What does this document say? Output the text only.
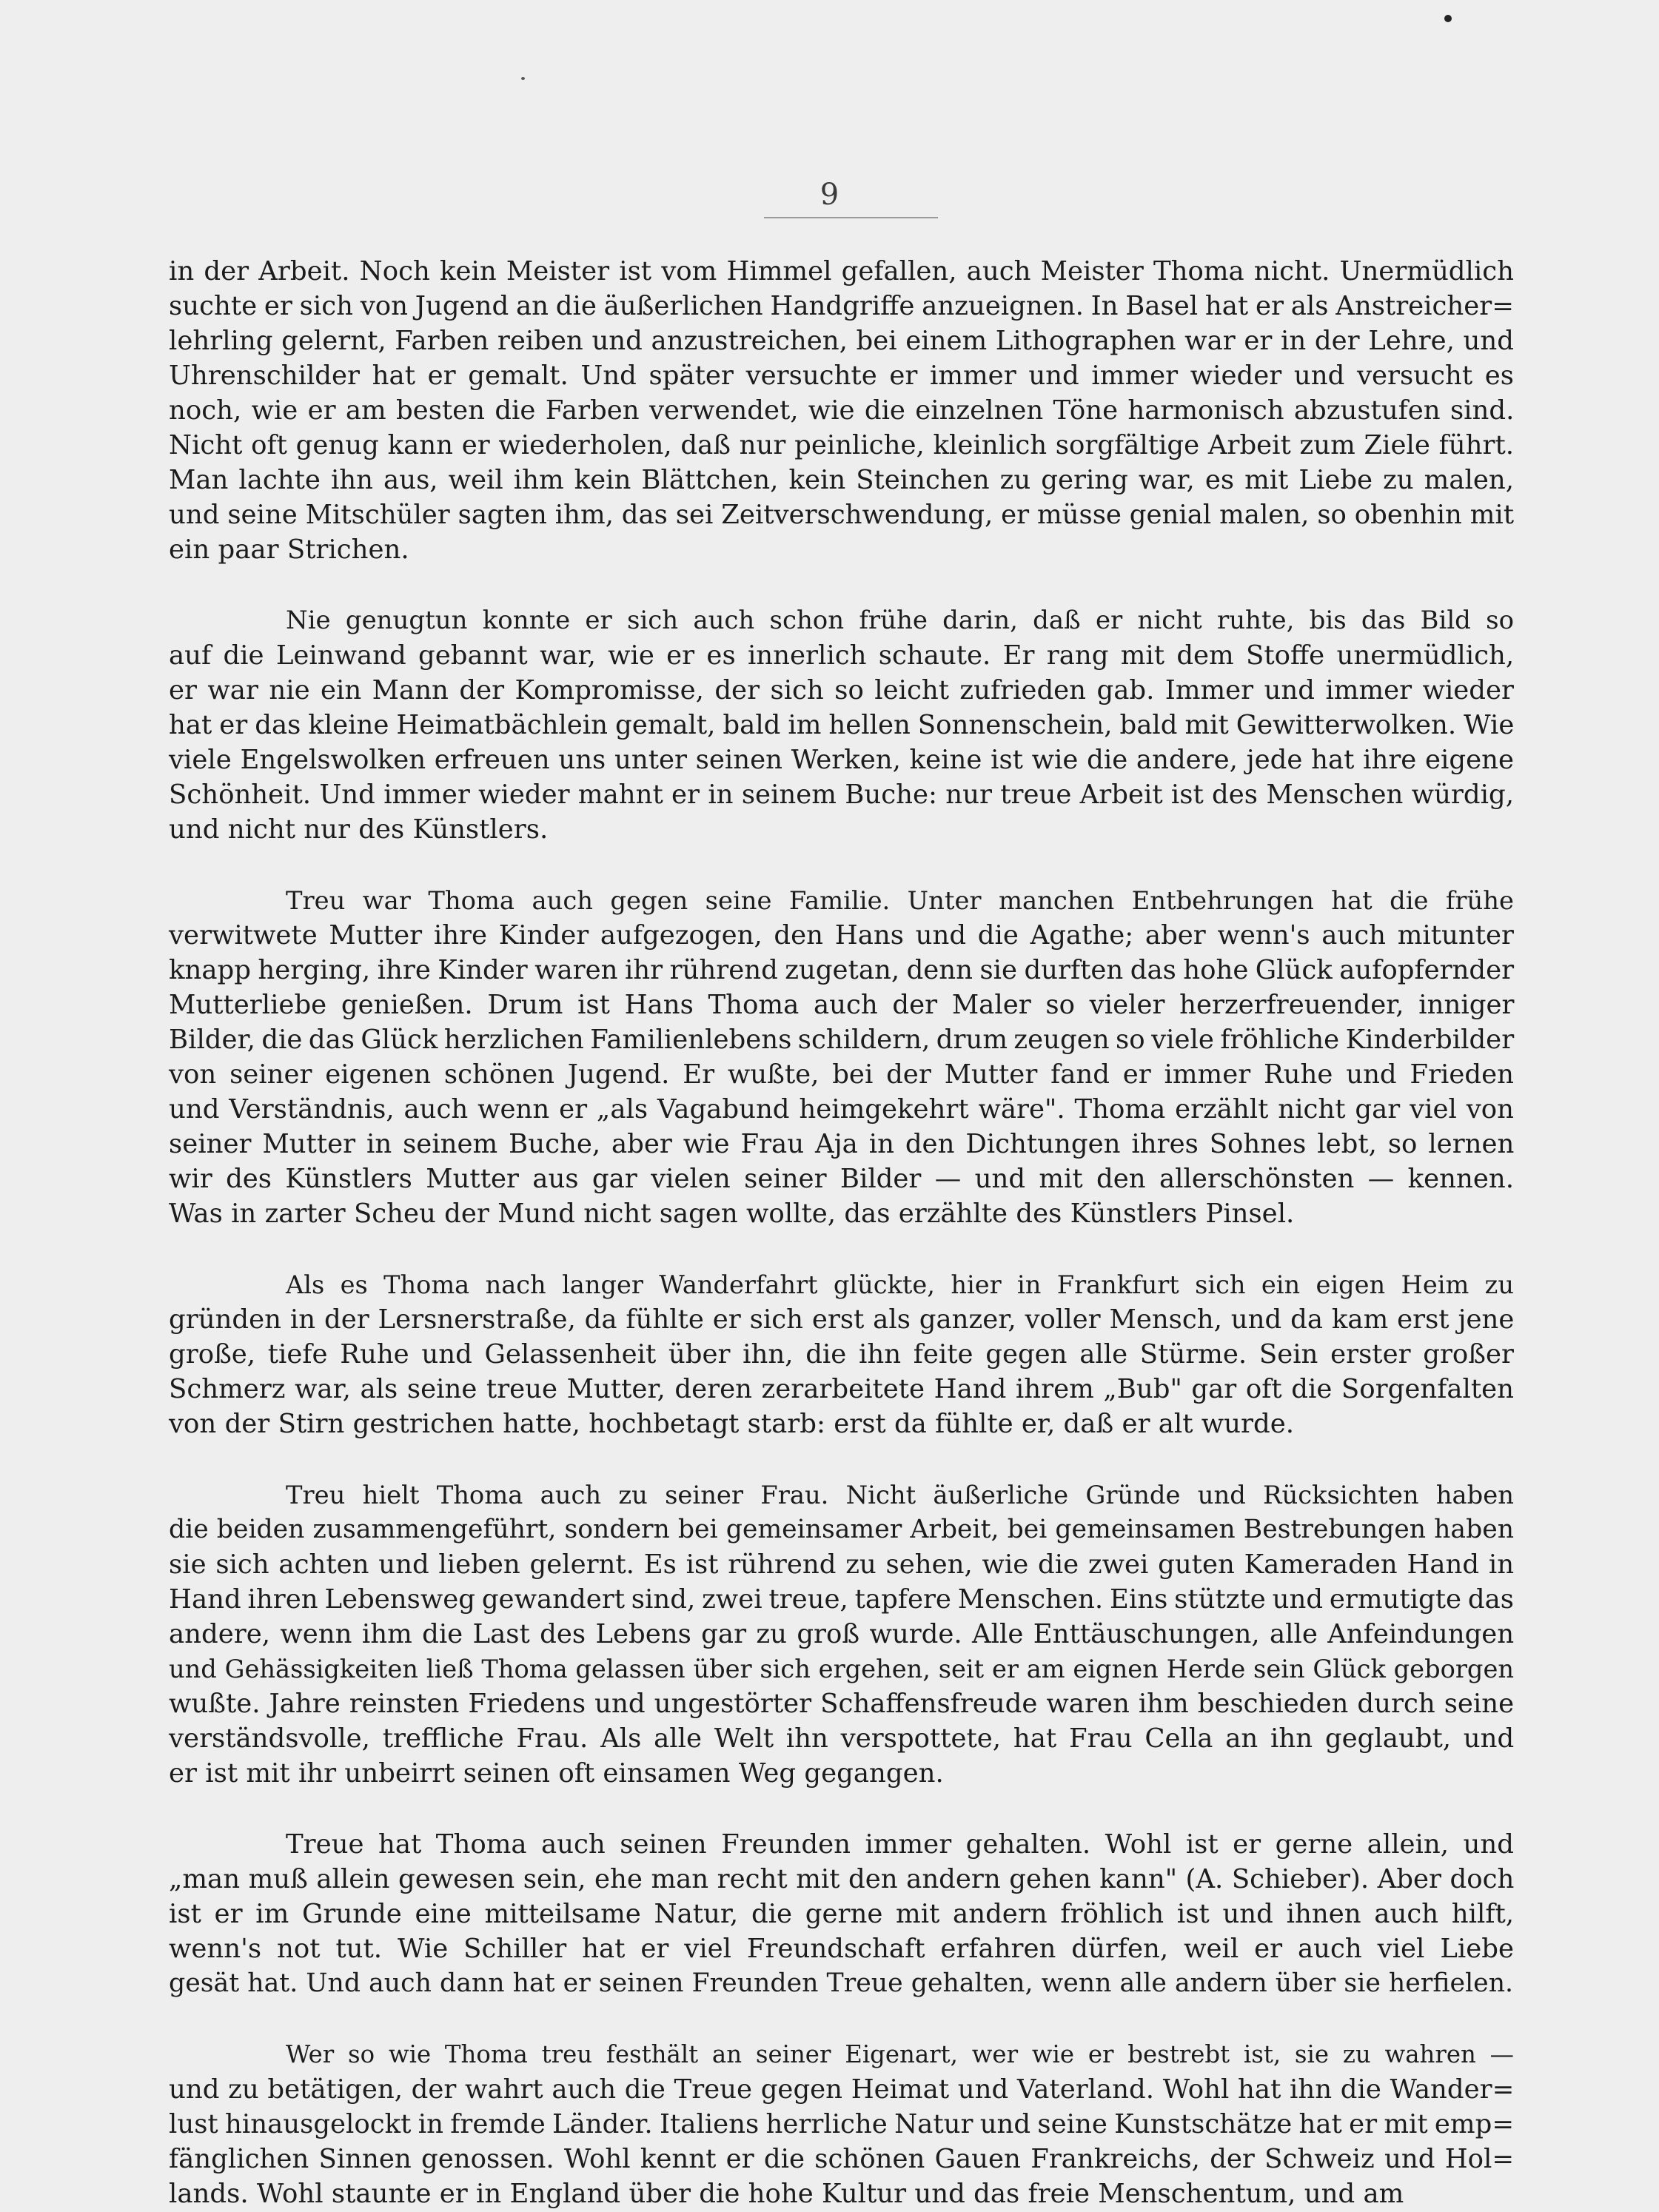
9

in der Arbeit. Noch kein Meister ist vom Himmel gefallen, auch Meister Thoma nicht. Unermüdlich
suchte er sich von Jugend an die äußerlichen Handgriffe anzueignen. In Basel hat er als Anstreicher=
lehrling gelernt, Farben reiben und anzustreichen, bei einem Lithographen war er in der Lehre, und
Uhrenschilder hat er gemalt. Und später versuchte er immer und immer wieder und versucht es
noch, wie er am besten die Farben verwendet, wie die einzelnen Töne harmonisch abzustufen sind.
Nicht oft genug kann er wiederholen, daß nur peinliche, kleinlich sorgfältige Arbeit zum Ziele führt.
Man lachte ihn aus, weil ihm kein Blättchen, kein Steinchen zu gering war, es mit Liebe zu malen,
und seine Mitschüler sagten ihm, das sei Zeitverschwendung, er müsse genial malen, so obenhin mit
ein paar Strichen.

Nie genugtun konnte er sich auch schon frühe darin, daß er nicht ruhte, bis das Bild so
auf die Leinwand gebannt war, wie er es innerlich schaute. Er rang mit dem Stoffe unermüdlich,
er war nie ein Mann der Kompromisse, der sich so leicht zufrieden gab. Immer und immer wieder
hat er das kleine Heimatbächlein gemalt, bald im hellen Sonnenschein, bald mit Gewitterwolken. Wie
viele Engelswolken erfreuen uns unter seinen Werken, keine ist wie die andere, jede hat ihre eigene
Schönheit. Und immer wieder mahnt er in seinem Buche: nur treue Arbeit ist des Menschen würdig,
und nicht nur des Künstlers.

Treu war Thoma auch gegen seine Familie. Unter manchen Entbehrungen hat die frühe
verwitwete Mutter ihre Kinder aufgezogen, den Hans und die Agathe; aber wenn's auch mitunter
knapp herging, ihre Kinder waren ihr rührend zugetan, denn sie durften das hohe Glück aufopfernder
Mutterliebe genießen. Drum ist Hans Thoma auch der Maler so vieler herzerfreuender, inniger
Bilder, die das Glück herzlichen Familienlebens schildern, drum zeugen so viele fröhliche Kinderbilder
von seiner eigenen schönen Jugend. Er wußte, bei der Mutter fand er immer Ruhe und Frieden
und Verständnis, auch wenn er „als Vagabund heimgekehrt wäre". Thoma erzählt nicht gar viel von
seiner Mutter in seinem Buche, aber wie Frau Aja in den Dichtungen ihres Sohnes lebt, so lernen
wir des Künstlers Mutter aus gar vielen seiner Bilder — und mit den allerschönsten — kennen.
Was in zarter Scheu der Mund nicht sagen wollte, das erzählte des Künstlers Pinsel.

Als es Thoma nach langer Wanderfahrt glückte, hier in Frankfurt sich ein eigen Heim zu
gründen in der Lersnerstraße, da fühlte er sich erst als ganzer, voller Mensch, und da kam erst jene
große, tiefe Ruhe und Gelassenheit über ihn, die ihn feite gegen alle Stürme. Sein erster großer
Schmerz war, als seine treue Mutter, deren zerarbeitete Hand ihrem „Bub" gar oft die Sorgenfalten
von der Stirn gestrichen hatte, hochbetagt starb: erst da fühlte er, daß er alt wurde.

Treu hielt Thoma auch zu seiner Frau. Nicht äußerliche Gründe und Rücksichten haben
die beiden zusammengeführt, sondern bei gemeinsamer Arbeit, bei gemeinsamen Bestrebungen haben
sie sich achten und lieben gelernt. Es ist rührend zu sehen, wie die zwei guten Kameraden Hand in
Hand ihren Lebensweg gewandert sind, zwei treue, tapfere Menschen. Eins stützte und ermutigte das
andere, wenn ihm die Last des Lebens gar zu groß wurde. Alle Enttäuschungen, alle Anfeindungen
und Gehässigkeiten ließ Thoma gelassen über sich ergehen, seit er am eignen Herde sein Glück geborgen
wußte. Jahre reinsten Friedens und ungestörter Schaffensfreude waren ihm beschieden durch seine
verständsvolle, treffliche Frau. Als alle Welt ihn verspottete, hat Frau Cella an ihn geglaubt, und
er ist mit ihr unbeirrt seinen oft einsamen Weg gegangen.

Treue hat Thoma auch seinen Freunden immer gehalten. Wohl ist er gerne allein, und
„man muß allein gewesen sein, ehe man recht mit den andern gehen kann" (A. Schieber). Aber doch
ist er im Grunde eine mitteilsame Natur, die gerne mit andern fröhlich ist und ihnen auch hilft,
wenn's not tut. Wie Schiller hat er viel Freundschaft erfahren dürfen, weil er auch viel Liebe
gesät hat. Und auch dann hat er seinen Freunden Treue gehalten, wenn alle andern über sie herfielen.

Wer so wie Thoma treu festhält an seiner Eigenart, wer wie er bestrebt ist, sie zu wahren —
und zu betätigen, der wahrt auch die Treue gegen Heimat und Vaterland. Wohl hat ihn die Wander=
lust hinausgelockt in fremde Länder. Italiens herrliche Natur und seine Kunstschätze hat er mit emp=
fänglichen Sinnen genossen. Wohl kennt er die schönen Gauen Frankreichs, der Schweiz und Hol=
lands. Wohl staunte er in England über die hohe Kultur und das freie Menschentum, und am
